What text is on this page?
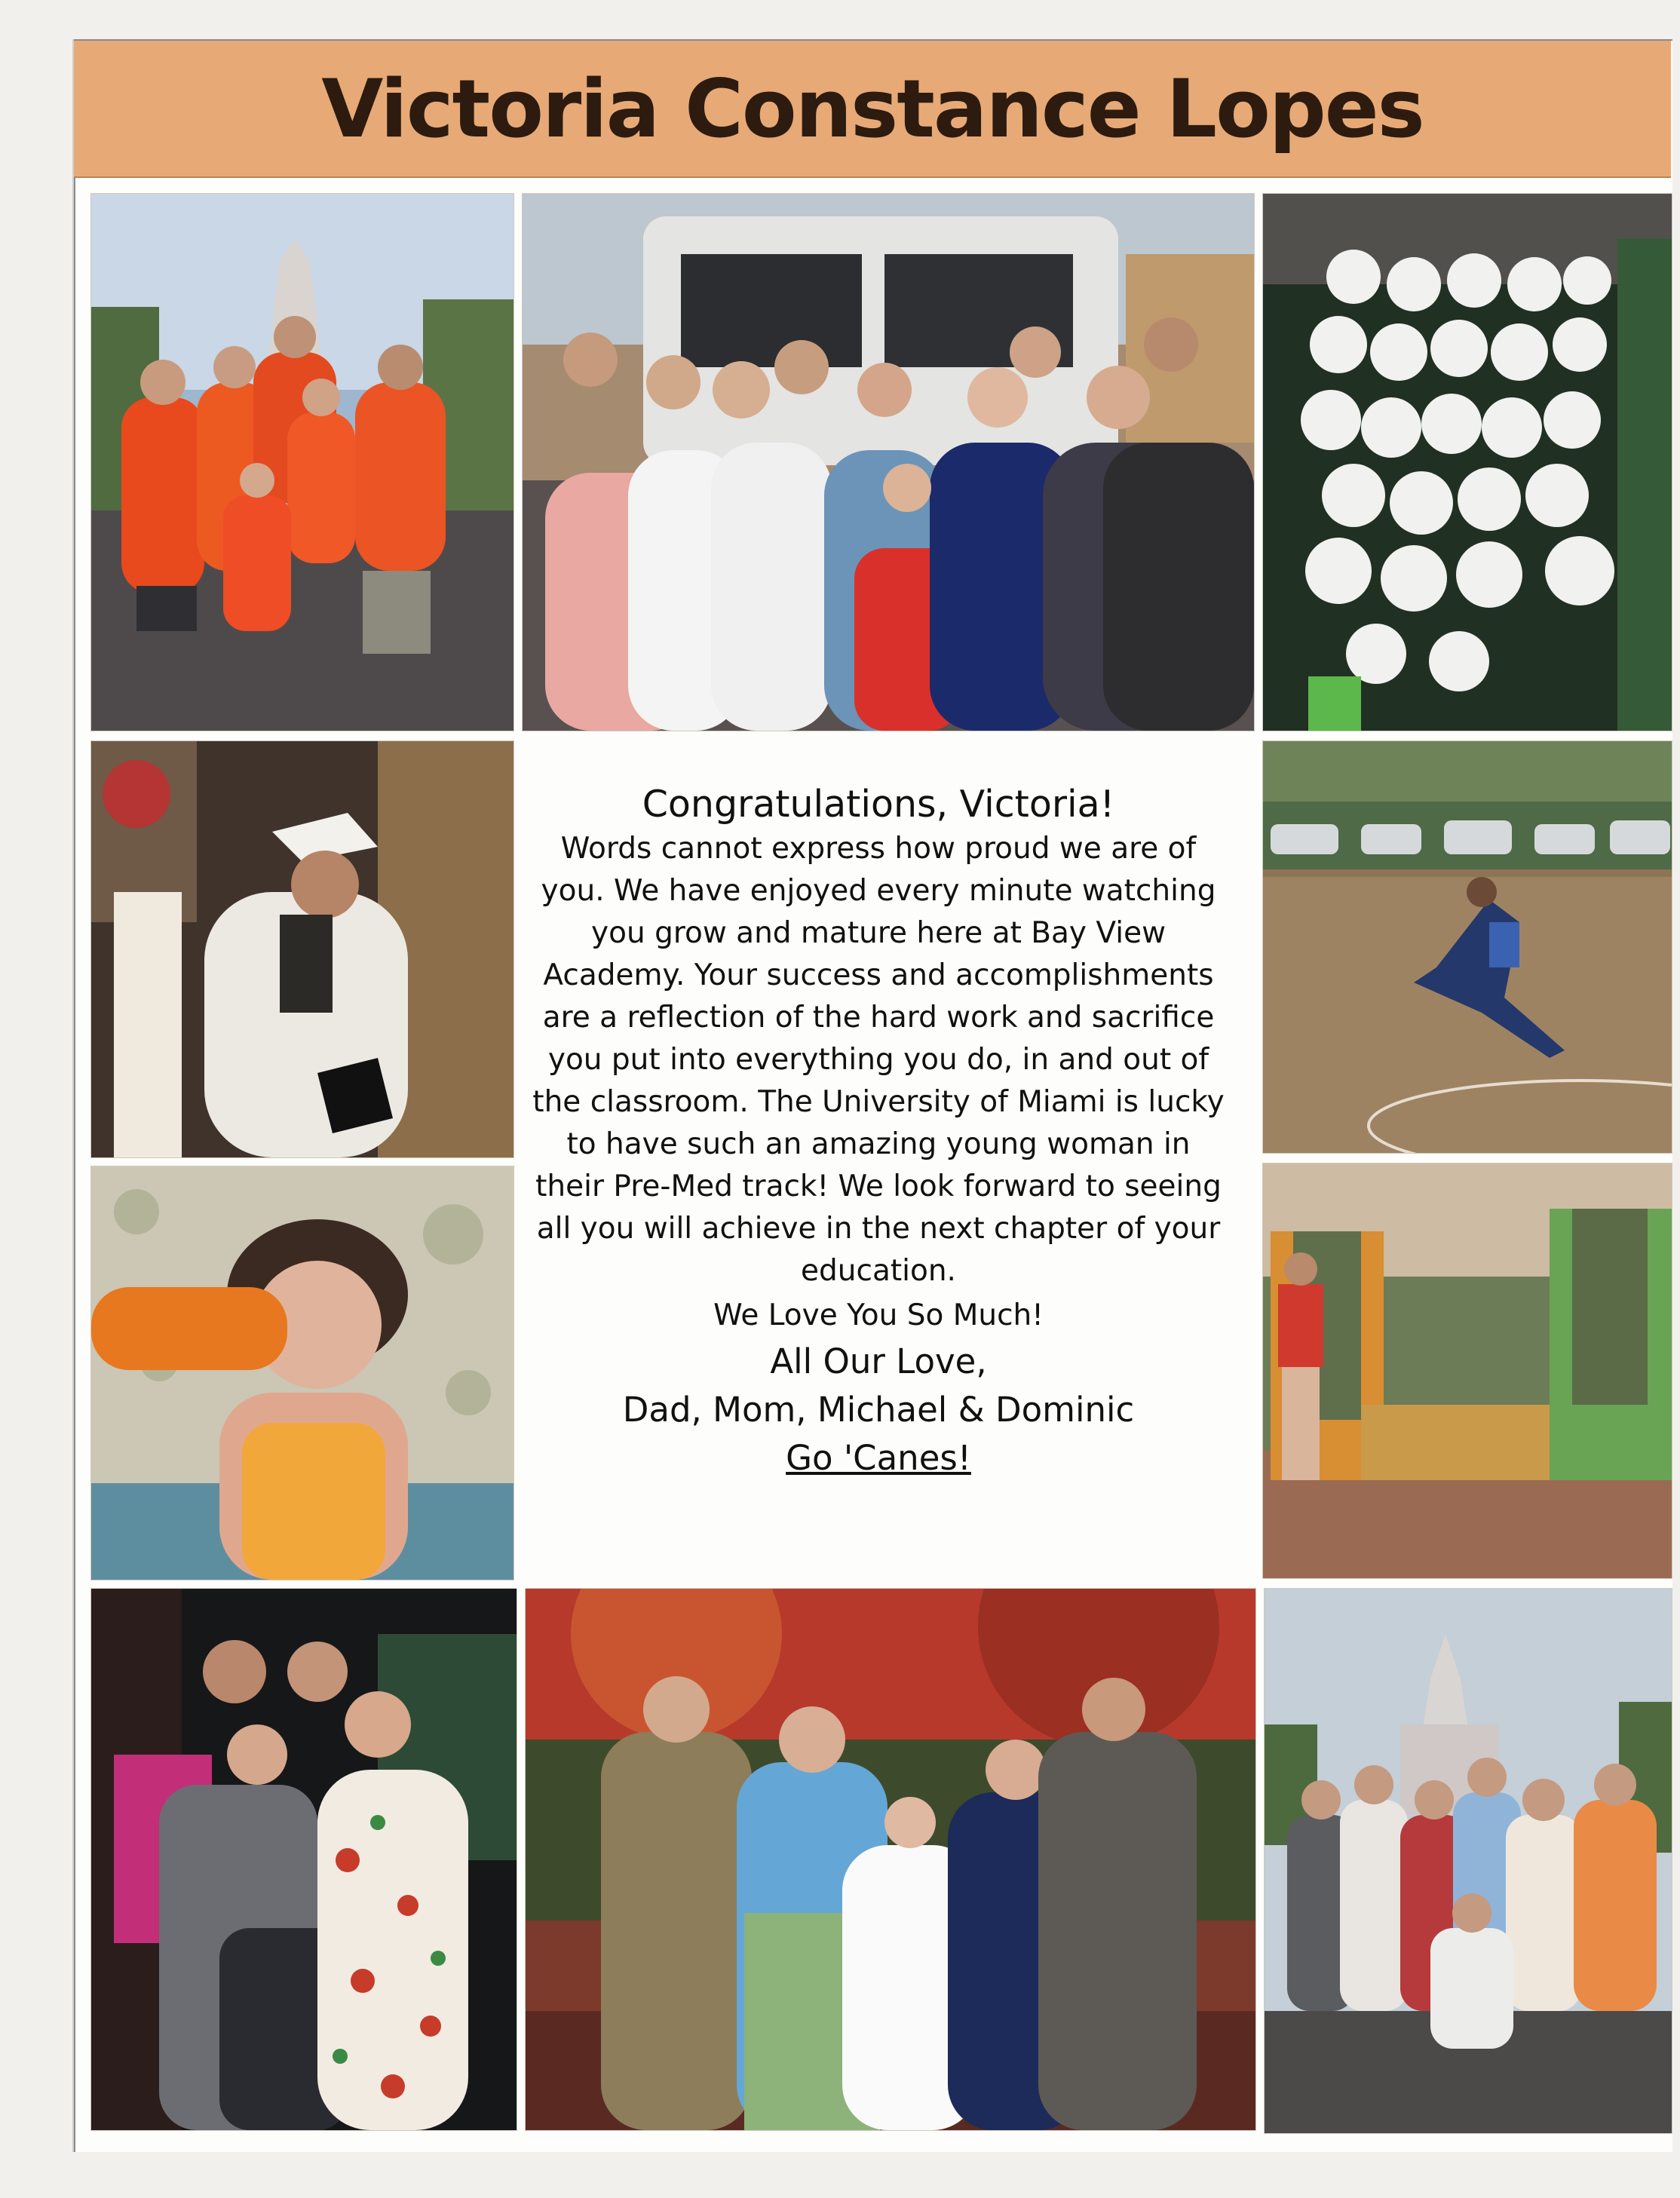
Victoria Constance Lopes
Congratulations, Victoria!
Words cannot express how proud we are of you. We have enjoyed every minute watching you grow and mature here at Bay View Academy. Your success and accomplishments are a reflection of the hard work and sacrifice you put into everything you do, in and out of the classroom. The University of Miami is lucky to have such an amazing young woman in their Pre-Med track! We look forward to seeing all you will achieve in the next chapter of your education.
We Love You So Much!
All Our Love,
Dad, Mom, Michael & Dominic
Go 'Canes!
